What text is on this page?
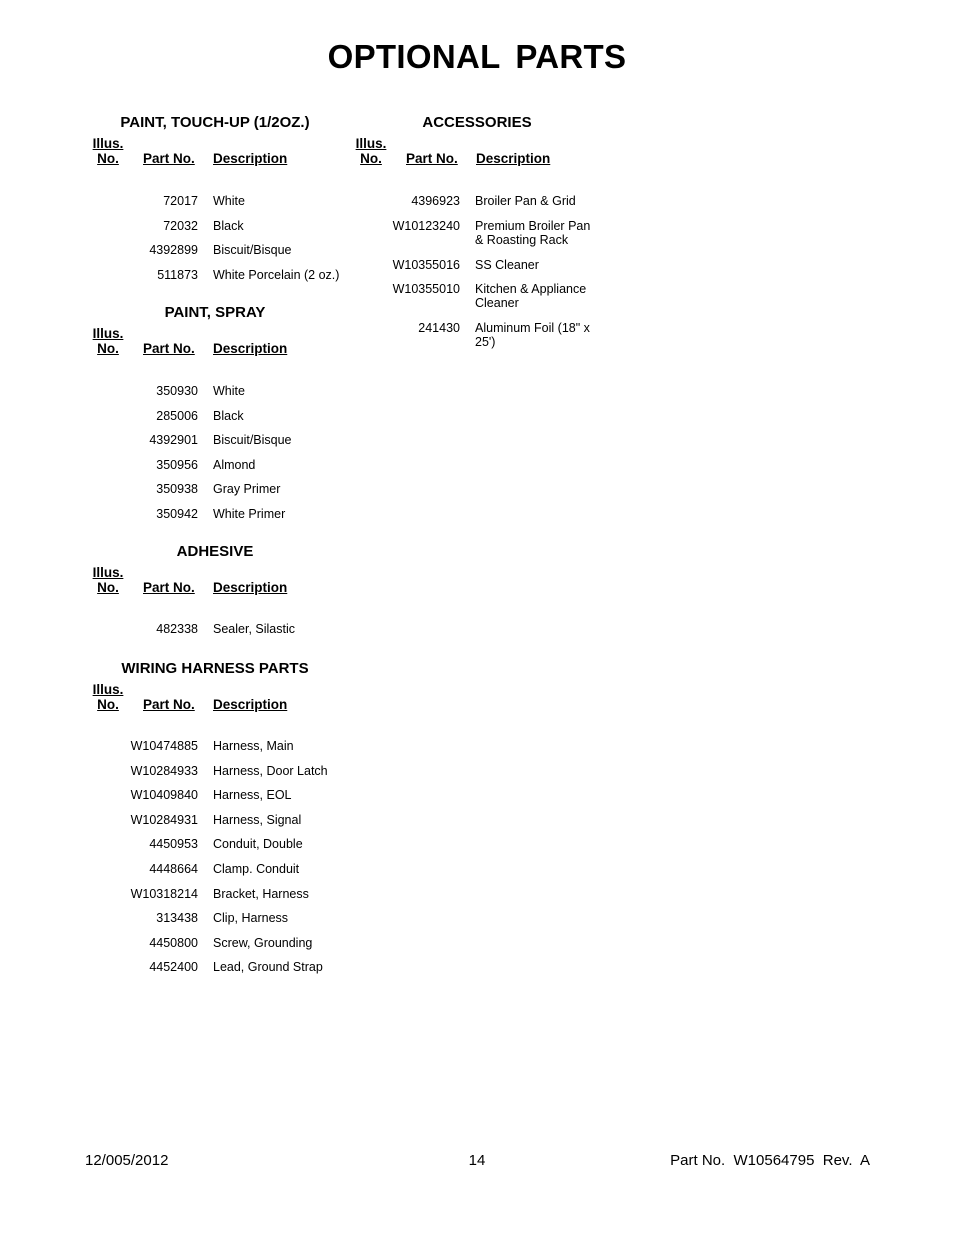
OPTIONAL PARTS
PAINT, TOUCH-UP (1/2OZ.)
Illus.
No.	Part No. Description
72017 White
72032 Black
4392899 Biscuit/Bisque
511873 White Porcelain (2 oz.)
PAINT, SPRAY
Illus.
No.	Part No. Description
350930 White
285006 Black
4392901 Biscuit/Bisque
350956 Almond
350938 Gray Primer
350942 White Primer
ADHESIVE
Illus.
No.	Part No. Description
482338 Sealer, Silastic
WIRING HARNESS PARTS
Illus.
No.	Part No. Description
W10474885 Harness, Main
W10284933 Harness, Door Latch
W10409840 Harness, EOL
W10284931 Harness, Signal
4450953 Conduit, Double
4448664 Clamp. Conduit
W10318214 Bracket, Harness
313438 Clip, Harness
4450800 Screw, Grounding
4452400 Lead, Ground Strap
ACCESSORIES
Illus.
No.	Part No. Description
4396923 Broiler Pan & Grid
W10123240 Premium Broiler Pan & Roasting Rack
W10355016 SS Cleaner
W10355010 Kitchen & Appliance Cleaner
241430 Aluminum Foil (18" x 25')
12/005/2012	14	Part No.  W10564795  Rev.  A
